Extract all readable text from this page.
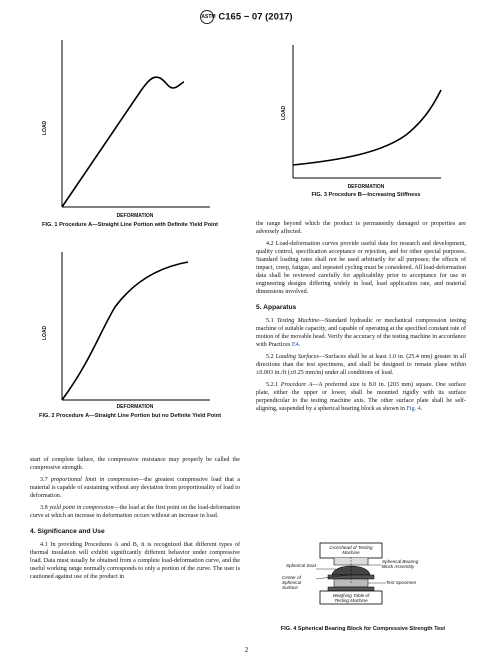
ASTM C165 − 07 (2017)
LOAD
DEFORMATION
FIG. 1 Procedure A—Straight Line Portion with Definite Yield Point
LOAD
DEFORMATION
FIG. 2 Procedure A—Straight Line Portion but no Definite Yield Point
LOAD
DEFORMATION
FIG. 3 Procedure B—Increasing Stiffness

start of complete failure, the compressive resistance may properly be called the compressive strength.

3.7 proportional limit in compression—the greatest compressive load that a material is capable of sustaining without any deviation from proportionality of load to deformation.

3.8 yield point in compression—the load at the first point on the load-deformation curve at which an increase in deformation occurs without an increase in load.

4. Significance and Use

4.1 In providing Procedures A and B, it is recognized that different types of thermal insulation will exhibit significantly different behavior under compressive load. Data must usually be obtained from a complete load-deformation curve, and the useful working range normally corresponds to only a portion of the curve. The user is cautioned against use of the product in

the range beyond which the product is permanently damaged or properties are adversely affected.

4.2 Load-deformation curves provide useful data for research and development, quality control, specification acceptance or rejection, and for other special purposes. Standard loading rates shall not be used arbitrarily for all purposes; the effects of impact, creep, fatigue, and repeated cycling must be considered. All load-deformation data shall be reviewed carefully for applicability prior to acceptance for use in engineering designs differing widely in load, load application rate, and material dimensions involved.

5. Apparatus

5.1 Testing Machine—Standard hydraulic or mechanical compression testing machine of suitable capacity, and capable of operating at the specified constant rate of motion of the movable head. Verify the accuracy of the testing machine in accordance with Practices E4.

5.2 Loading Surfaces—Surfaces shall be at least 1.0 in. (25.4 mm) greater in all directions than the test specimens, and shall be designed to remain plane within ±0.003 in./ft (±0.25 mm/m) under all conditions of load.

5.2.1 Procedure A—A preferred size is 8.0 in. (203 mm) square. One surface plate, either the upper or lower, shall be mounted rigidly with its surface perpendicular to the testing machine axis. The other surface plate shall be self-aligning, suspended by a spherical bearing block as shown in Fig. 4.

Crosshead of Testing Machine
Spherical Bearing Block Assembly
Spherical Seat
Center of Spherical Surface
Test Specimen
Weighing Table of Testing Machine
FIG. 4 Spherical Bearing Block for Compressive Strength Test
2
